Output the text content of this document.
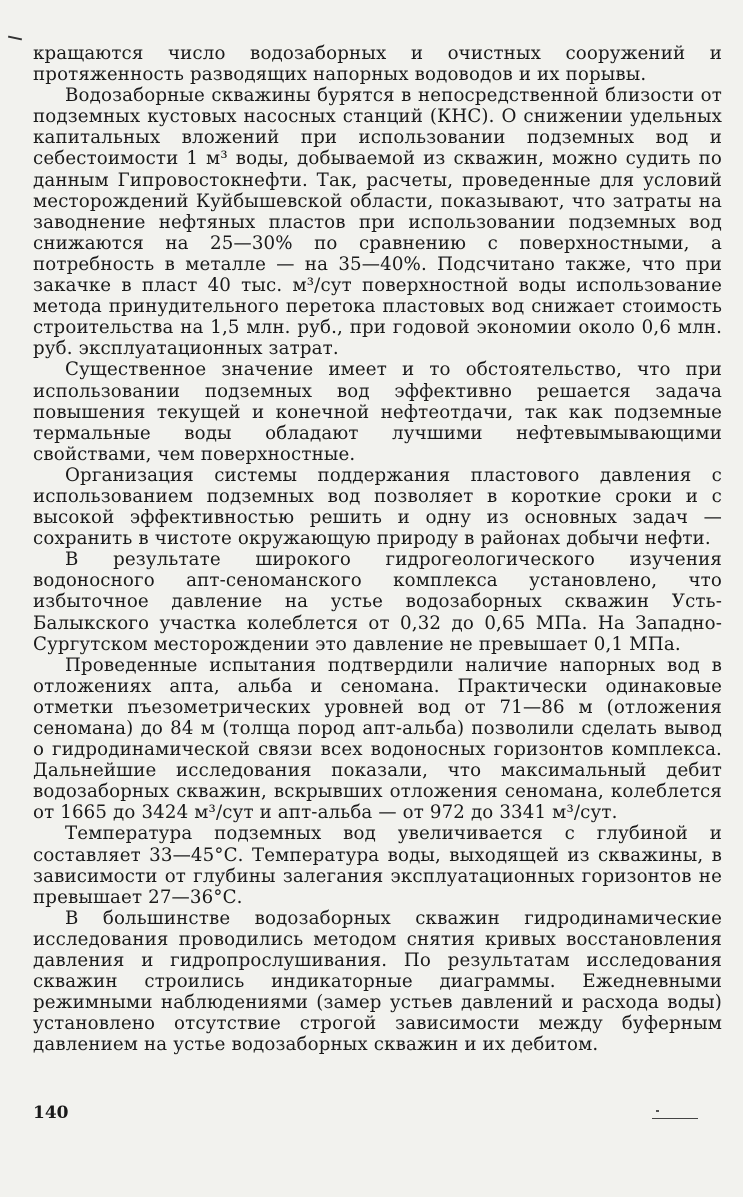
кращаются число водозаборных и очистных сооружений и протяженность разводящих напорных водоводов и их порывы.

Водозаборные скважины бурятся в непосредственной близости от подземных кустовых насосных станций (КНС). О снижении удельных капитальных вложений при использовании подземных вод и себестоимости 1 м³ воды, добываемой из скважин, можно судить по данным Гипровостокнефти. Так, расчеты, проведенные для условий месторождений Куйбышевской области, показывают, что затраты на заводнение нефтяных пластов при использовании подземных вод снижаются на 25—30% по сравнению с поверхностными, а потребность в металле — на 35—40%. Подсчитано также, что при закачке в пласт 40 тыс. м³/сут поверхностной воды использование метода принудительного перетока пластовых вод снижает стоимость строительства на 1,5 млн. руб., при годовой экономии около 0,6 млн. руб. эксплуатационных затрат.

Существенное значение имеет и то обстоятельство, что при использовании подземных вод эффективно решается задача повышения текущей и конечной нефтеотдачи, так как подземные термальные воды обладают лучшими нефтевымывающими свойствами, чем поверхностные.

Организация системы поддержания пластового давления с использованием подземных вод позволяет в короткие сроки и с высокой эффективностью решить и одну из основных задач — сохранить в чистоте окружающую природу в районах добычи нефти.

В результате широкого гидрогеологического изучения водоносного апт-сеноманского комплекса установлено, что избыточное давление на устье водозаборных скважин Усть-Балыкского участка колеблется от 0,32 до 0,65 МПа. На Западно-Сургутском месторождении это давление не превышает 0,1 МПа.

Проведенные испытания подтвердили наличие напорных вод в отложениях апта, альба и сеномана. Практически одинаковые отметки пъезометрических уровней вод от 71—86 м (отложения сеномана) до 84 м (толща пород апт-альба) позволили сделать вывод о гидродинамической связи всех водоносных горизонтов комплекса. Дальнейшие исследования показали, что максимальный дебит водозаборных скважин, вскрывших отложения сеномана, колеблется от 1665 до 3424 м³/сут и апт-альба — от 972 до 3341 м³/сут.

Температура подземных вод увеличивается с глубиной и составляет 33—45°С. Температура воды, выходящей из скважины, в зависимости от глубины залегания эксплуатационных горизонтов не превышает 27—36°С.

В большинстве водозаборных скважин гидродинамические исследования проводились методом снятия кривых восстановления давления и гидропрослушивания. По результатам исследования скважин строились индикаторные диаграммы. Ежедневными режимными наблюдениями (замер устьев давлений и расхода воды) установлено отсутствие строгой зависимости между буферным давлением на устье водозаборных скважин и их дебитом.

140
